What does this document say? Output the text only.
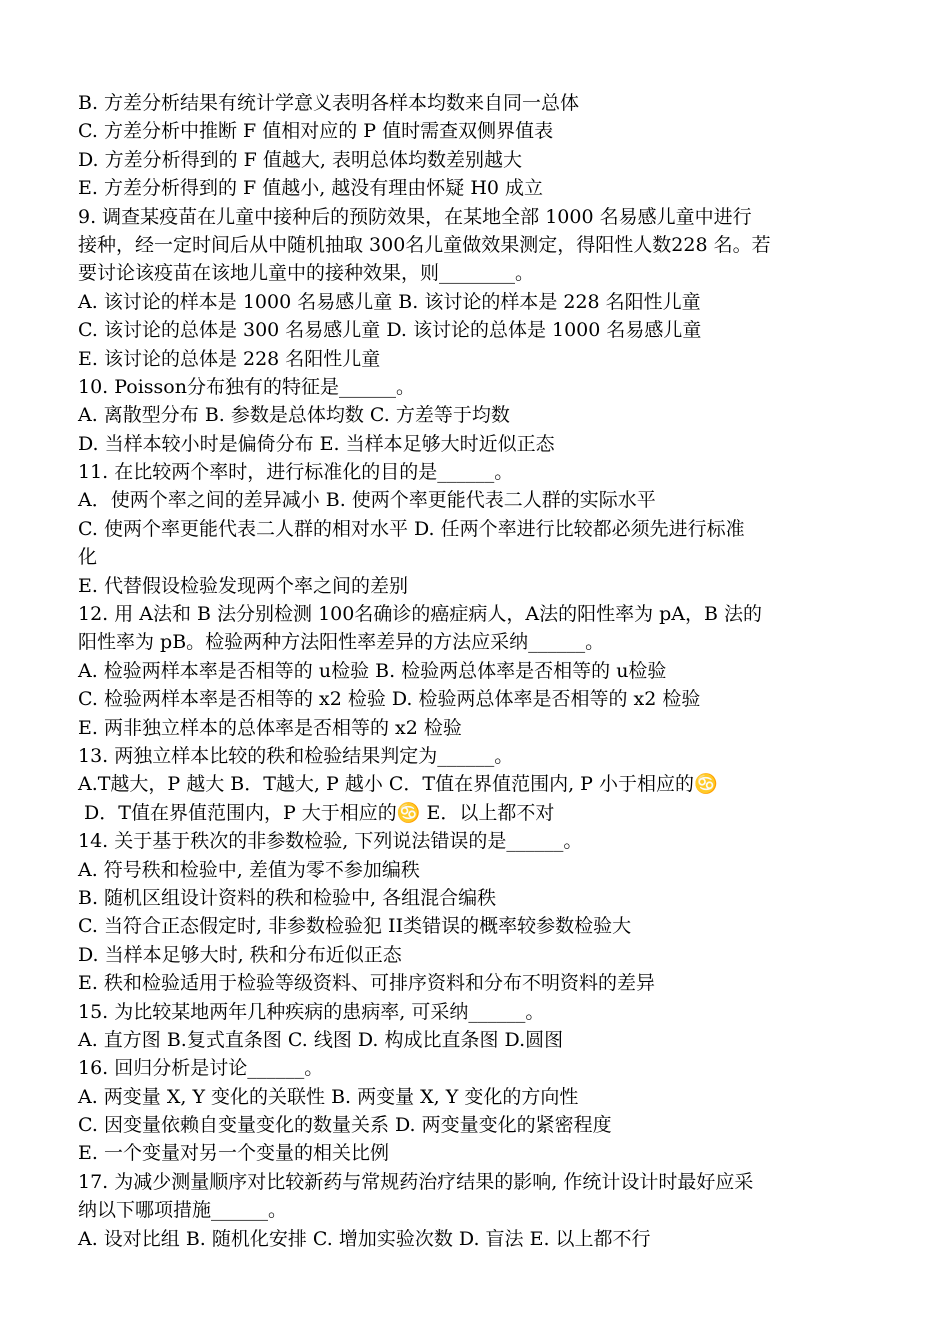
B. 方差分析结果有统计学意义表明各样本均数来自同一总体
C. 方差分析中推断 F 值相对应的 P 值时需查双侧界值表
D. 方差分析得到的 F 值越大, 表明总体均数差别越大
E. 方差分析得到的 F 值越小, 越没有理由怀疑 H0 成立
9. 调查某疫苗在儿童中接种后的预防效果，在某地全部 1000 名易感儿童中进行
接种，经一定时间后从中随机抽取 300名儿童做效果测定，得阳性人数228 名。若
要讨论该疫苗在该地儿童中的接种效果，则________。
A. 该讨论的样本是 1000 名易感儿童 B. 该讨论的样本是 228 名阳性儿童
C. 该讨论的总体是 300 名易感儿童 D. 该讨论的总体是 1000 名易感儿童
E. 该讨论的总体是 228 名阳性儿童
10. Poisson分布独有的特征是______。
A. 离散型分布 B. 参数是总体均数 C. 方差等于均数
D. 当样本较小时是偏倚分布 E. 当样本足够大时近似正态
11. 在比较两个率时，进行标准化的目的是______。
A．使两个率之间的差异减小 B. 使两个率更能代表二人群的实际水平
C. 使两个率更能代表二人群的相对水平 D. 任两个率进行比较都必须先进行标准
化
E. 代替假设检验发现两个率之间的差别
12. 用 A法和 B 法分别检测 100名确诊的癌症病人，A法的阳性率为 pA，B 法的
阳性率为 pB。检验两种方法阳性率差异的方法应采纳______。
A. 检验两样本率是否相等的 u检验 B. 检验两总体率是否相等的 u检验
C. 检验两样本率是否相等的 x2 检验 D. 检验两总体率是否相等的 x2 检验
E. 两非独立样本的总体率是否相等的 x2 检验
13. 两独立样本比较的秩和检验结果判定为______。
A.T越大，P 越大 B．T越大, P 越小 C．T值在界值范围内, P 小于相应的♋
D．T值在界值范围内，P 大于相应的♋ E．以上都不对
14. 关于基于秩次的非参数检验, 下列说法错误的是______。
A. 符号秩和检验中, 差值为零不参加编秩
B. 随机区组设计资料的秩和检验中, 各组混合编秩
C. 当符合正态假定时, 非参数检验犯 II类错误的概率较参数检验大
D. 当样本足够大时, 秩和分布近似正态
E. 秩和检验适用于检验等级资料、可排序资料和分布不明资料的差异
15. 为比较某地两年几种疾病的患病率, 可采纳______。
A. 直方图 B.复式直条图 C. 线图 D. 构成比直条图 D.圆图
16. 回归分析是讨论______。
A. 两变量 X, Y 变化的关联性 B. 两变量 X, Y 变化的方向性
C. 因变量依赖自变量变化的数量关系 D. 两变量变化的紧密程度
E. 一个变量对另一个变量的相关比例
17. 为减少测量顺序对比较新药与常规药治疗结果的影响, 作统计设计时最好应采
纳以下哪项措施______。
A. 设对比组 B. 随机化安排 C. 增加实验次数 D. 盲法 E. 以上都不行
